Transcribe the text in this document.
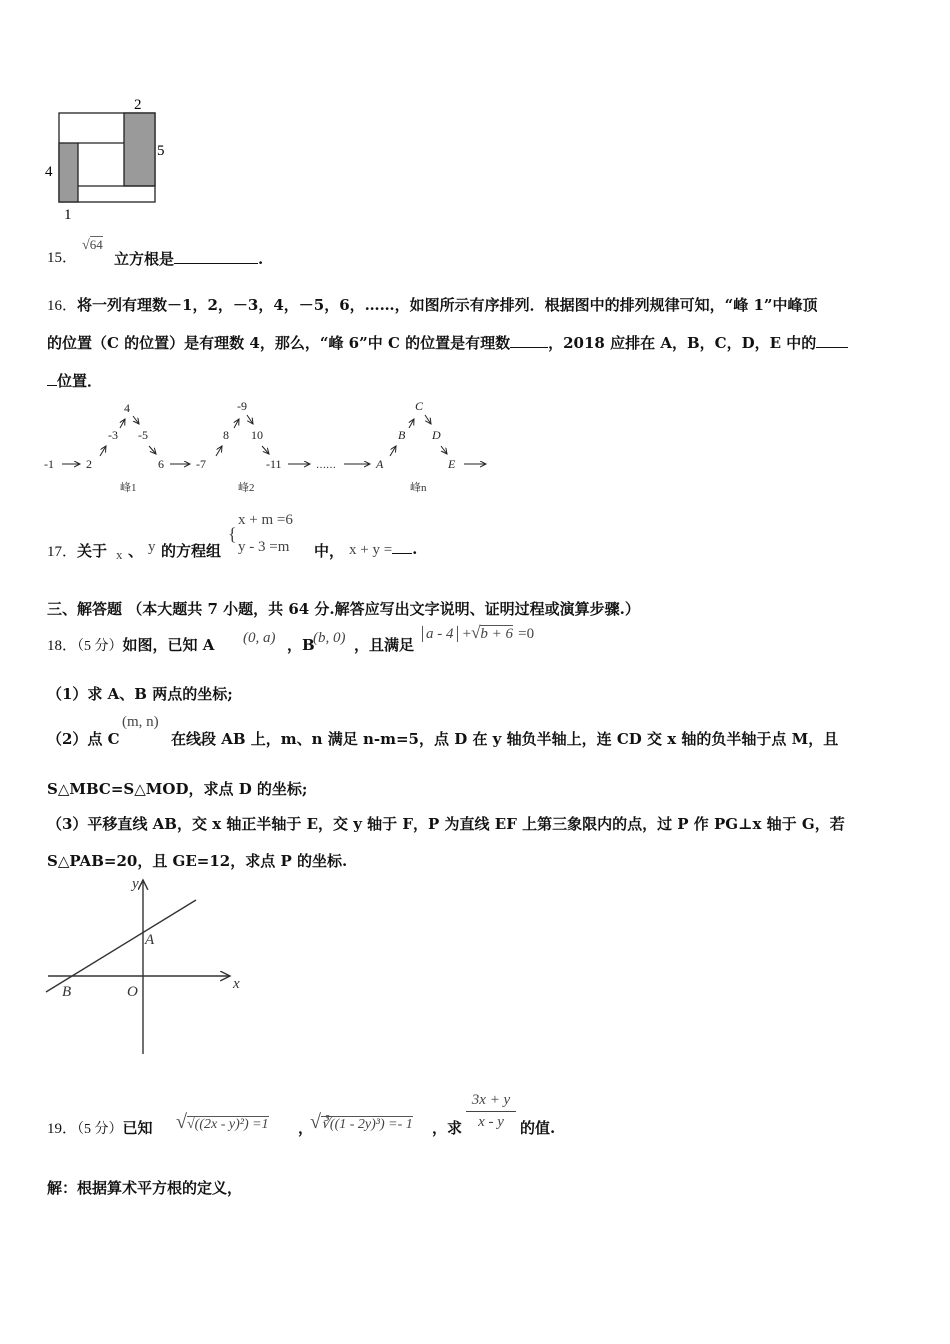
2
5
4
1
15．
√64
立方根是	.
16．将一列有理数－1，2，－3，4，－5，6，……，如图所示有序排列．根据图中的排列规律可知，“峰 1”中峰顶
的位置（C 的位置）是有理数 4，那么，“峰 6”中 C 的位置是有理数	，2018 应排在 A，B，C，D，E 中的
位置．
-1	2
-3
4
-5
6	-7
8
-9
10
-11	……	A
B
C
D
E
峰1	峰2	峰n
17．关于 x 、 y 的方程组
{
x + m =6
y - 3 =m 中， x + y = .
三、解答题 （本大题共 7 小题，共 64 分.解答应写出文字说明、证明过程或演算步骤.）
18．（5 分）如图，已知 A (0, a) ，B
(b, 0) ，且满足
a - 4 +√b + 6 =0
（1）求 A、B 两点的坐标;
（2）点 C
(m, n)
在线段 AB 上，m、n 满足 n-m=5，点 D 在 y 轴负半轴上，连 CD 交 x 轴的负半轴于点 M，且
S△MBC=S△MOD，求点 D 的坐标;
（3）平移直线 AB，交 x 轴正半轴于 E，交 y 轴于 F，P 为直线 EF 上第三象限内的点，过 P 作 PG⊥x 轴于 G，若
S△PAB=20，且 GE=12，求点 P 的坐标.
y
x
A
B	O
19．（5 分）已知 √√((2x - y)²) =1 ，
√∛((1 - 2y)³) =- 1 ，求 $\frac{3x + y}{x - y}$ 的值.
解：根据算术平方根的定义，
